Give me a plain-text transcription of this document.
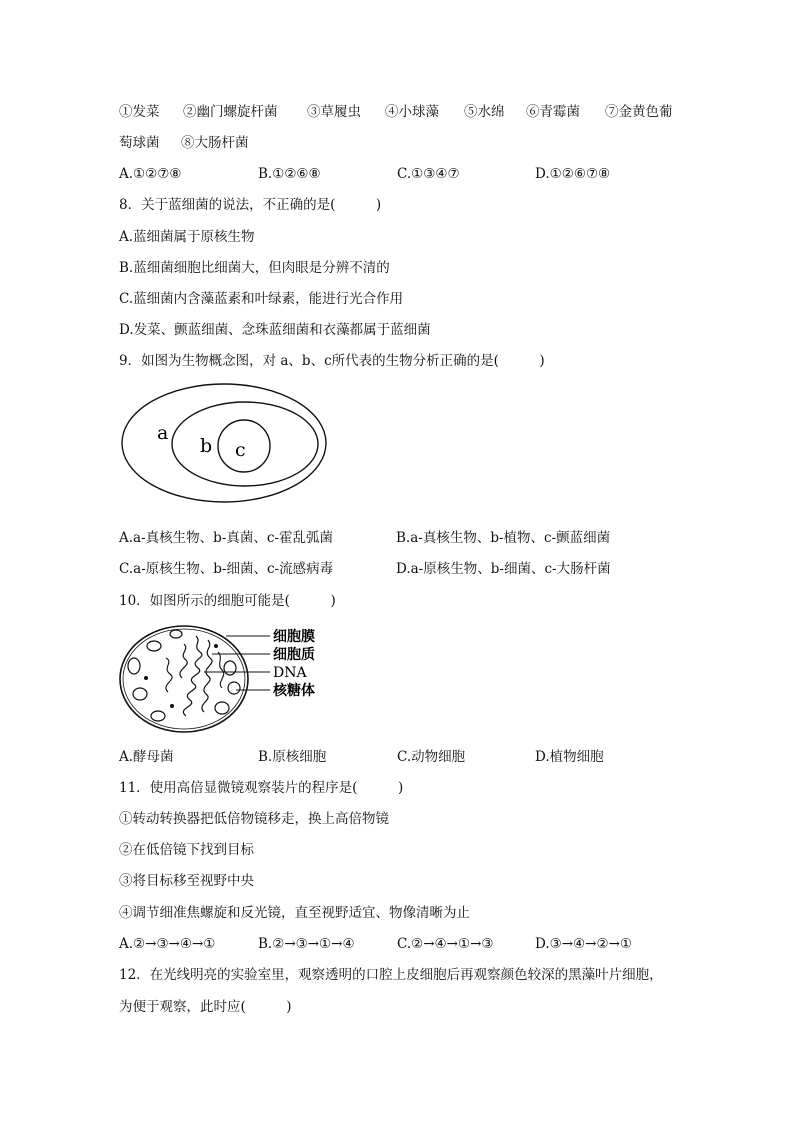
①发菜 ②幽门螺旋杆菌 ③草履虫 ④小球藻 ⑤水绵 ⑥青霉菌 ⑦金黄色葡
萄球菌 ⑧大肠杆菌
A.①②⑦⑧	B.①②⑥⑧	C.①③④⑦	D.①②⑥⑦⑧
8．关于蓝细菌的说法，不正确的是(　　　)
A.蓝细菌属于原核生物
B.蓝细菌细胞比细菌大，但肉眼是分辨不清的
C.蓝细菌内含藻蓝素和叶绿素，能进行光合作用
D.发菜、颤蓝细菌、念珠蓝细菌和衣藻都属于蓝细菌
9．如图为生物概念图，对 a、b、c所代表的生物分析正确的是(　　　)
a
b c
A.a-真核生物、b-真菌、c-霍乱弧菌	B.a-真核生物、b-植物、c-颤蓝细菌
C.a-原核生物、b-细菌、c-流感病毒	D.a-原核生物、b-细菌、c-大肠杆菌
10．如图所示的细胞可能是(　　　)
细胞膜
细胞质
DNA
核糖体
A.酵母菌	B.原核细胞	C.动物细胞	D.植物细胞
11．使用高倍显微镜观察装片的程序是(　　　)
①转动转换器把低倍物镜移走，换上高倍物镜
②在低倍镜下找到目标
③将目标移至视野中央
④调节细准焦螺旋和反光镜，直至视野适宜、物像清晰为止
A.②→③→④→①	B.②→③→①→④	C.②→④→①→③	D.③→④→②→①
12．在光线明亮的实验室里，观察透明的口腔上皮细胞后再观察颜色较深的黑藻叶片细胞，
为便于观察，此时应(　　　)
